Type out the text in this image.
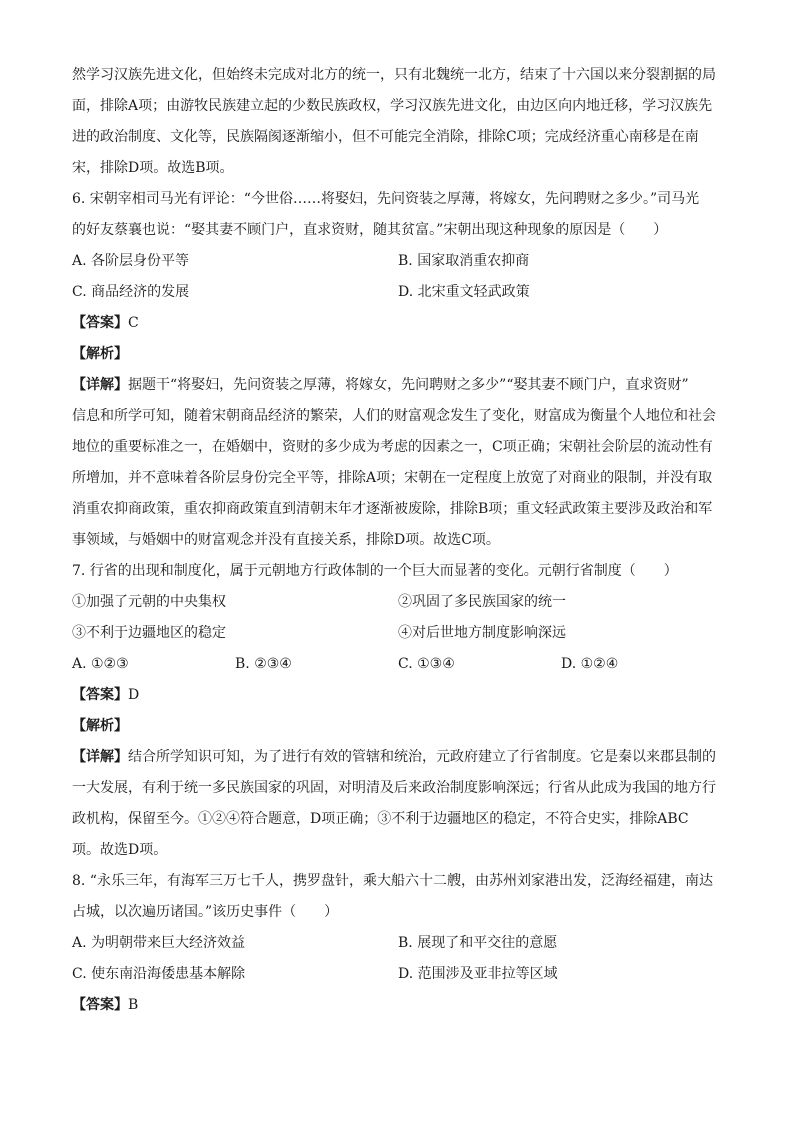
然学习汉族先进文化，但始终未完成对北方的统一，只有北魏统一北方，结束了十六国以来分裂割据的局
面，排除A项；由游牧民族建立起的少数民族政权，学习汉族先进文化，由边区向内地迁移，学习汉族先
进的政治制度、文化等，民族隔阂逐渐缩小，但不可能完全消除，排除C项；完成经济重心南移是在南
宋，排除D项。故选B项。
6. 宋朝宰相司马光有评论：“今世俗……将娶妇，先问资装之厚薄，将嫁女，先问聘财之多少。”司马光
的好友蔡襄也说：“娶其妻不顾门户，直求资财，随其贫富。”宋朝出现这种现象的原因是（　　）
A. 各阶层身份平等	B. 国家取消重农抑商
C. 商品经济的发展	D. 北宋重文轻武政策
【答案】C
【解析】
【详解】据题干“将娶妇，先问资装之厚薄，将嫁女，先问聘财之多少”“娶其妻不顾门户，直求资财”
信息和所学可知，随着宋朝商品经济的繁荣，人们的财富观念发生了变化，财富成为衡量个人地位和社会
地位的重要标准之一，在婚姻中，资财的多少成为考虑的因素之一，C项正确；宋朝社会阶层的流动性有
所增加，并不意味着各阶层身份完全平等，排除A项；宋朝在一定程度上放宽了对商业的限制，并没有取
消重农抑商政策，重农抑商政策直到清朝末年才逐渐被废除，排除B项；重文轻武政策主要涉及政治和军
事领域，与婚姻中的财富观念并没有直接关系，排除D项。故选C项。
7. 行省的出现和制度化，属于元朝地方行政体制的一个巨大而显著的变化。元朝行省制度（　　）
①加强了元朝的中央集权	②巩固了多民族国家的统一
③不利于边疆地区的稳定	④对后世地方制度影响深远
A. ①②③	B. ②③④	C. ①③④	D. ①②④
【答案】D
【解析】
【详解】结合所学知识可知，为了进行有效的管辖和统治，元政府建立了行省制度。它是秦以来郡县制的
一大发展，有利于统一多民族国家的巩固，对明清及后来政治制度影响深远；行省从此成为我国的地方行
政机构，保留至今。①②④符合题意，D项正确；③不利于边疆地区的稳定，不符合史实，排除ABC
项。故选D项。
8. “永乐三年，有海军三万七千人，携罗盘针，乘大船六十二艘，由苏州刘家港出发，泛海经福建，南达
占城，以次遍历诸国。”该历史事件（　　）
A. 为明朝带来巨大经济效益	B. 展现了和平交往的意愿
C. 使东南沿海倭患基本解除	D. 范围涉及亚非拉等区域
【答案】B
